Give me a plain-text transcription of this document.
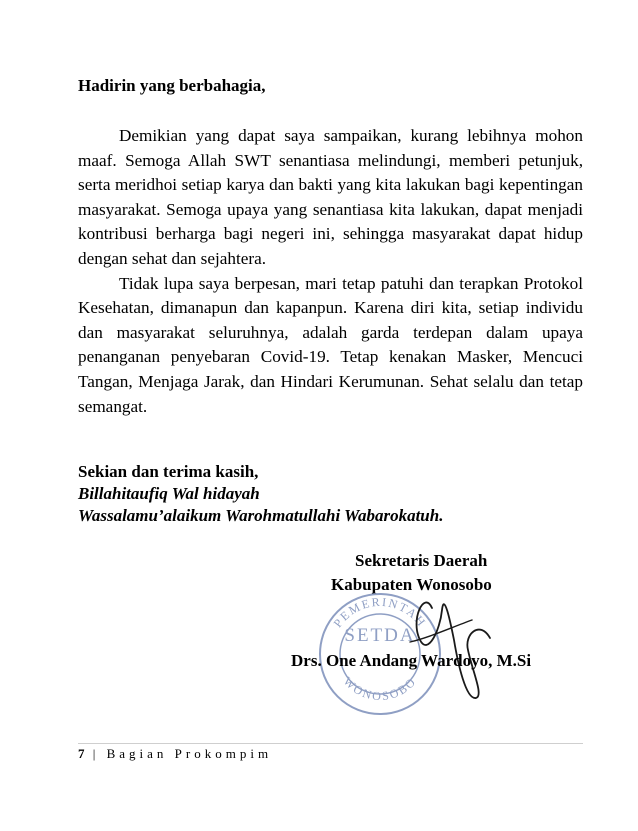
Hadirin yang berbahagia,

Demikian yang dapat saya sampaikan, kurang lebihnya mohon maaf. Semoga Allah SWT senantiasa melindungi, memberi petunjuk, serta meridhoi setiap karya dan bakti yang kita lakukan bagi kepentingan masyarakat. Semoga upaya yang senantiasa kita lakukan, dapat menjadi kontribusi berharga bagi negeri ini, sehingga masyarakat dapat hidup dengan sehat dan sejahtera.

Tidak lupa saya berpesan, mari tetap patuhi dan terapkan Protokol Kesehatan, dimanapun dan kapanpun. Karena diri kita, setiap individu dan masyarakat seluruhnya, adalah garda terdepan dalam upaya penanganan penyebaran Covid-19. Tetap kenakan Masker, Mencuci Tangan, Menjaga Jarak, dan Hindari Kerumunan. Sehat selalu dan tetap semangat.

Sekian dan terima kasih,
Billahitaufiq Wal hidayah
Wassalamu’alaikum Warohmatullahi Wabarokatuh.
Sekretaris Daerah
Kabupaten Wonosobo
PEMERINTAH
WONOSOBO
SETDA
Drs. One Andang Wardoyo, M.Si
7 | Bagian Prokompim
